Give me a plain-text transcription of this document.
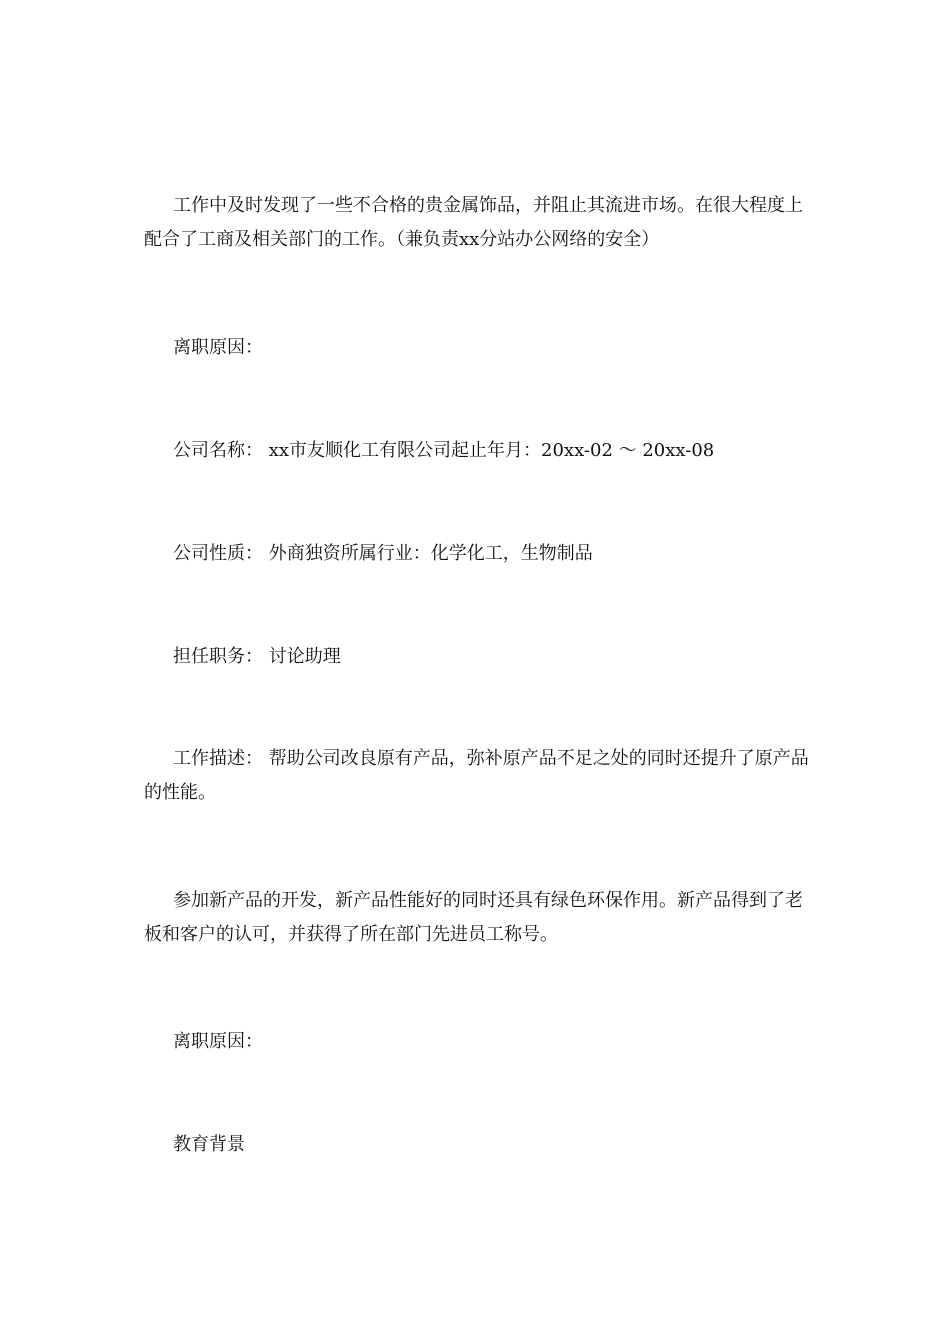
工作中及时发现了一些不合格的贵金属饰品，并阻止其流进市场。在很大程度上配合了工商及相关部门的工作。（兼负责xx分站办公网络的安全）

离职原因：

公司名称： xx市友顺化工有限公司起止年月：20xx-02 ～ 20xx-08

公司性质： 外商独资所属行业：化学化工，生物制品

担任职务： 讨论助理

工作描述： 帮助公司改良原有产品，弥补原产品不足之处的同时还提升了原产品的性能。

参加新产品的开发，新产品性能好的同时还具有绿色环保作用。新产品得到了老板和客户的认可，并获得了所在部门先进员工称号。

离职原因：

教育背景
